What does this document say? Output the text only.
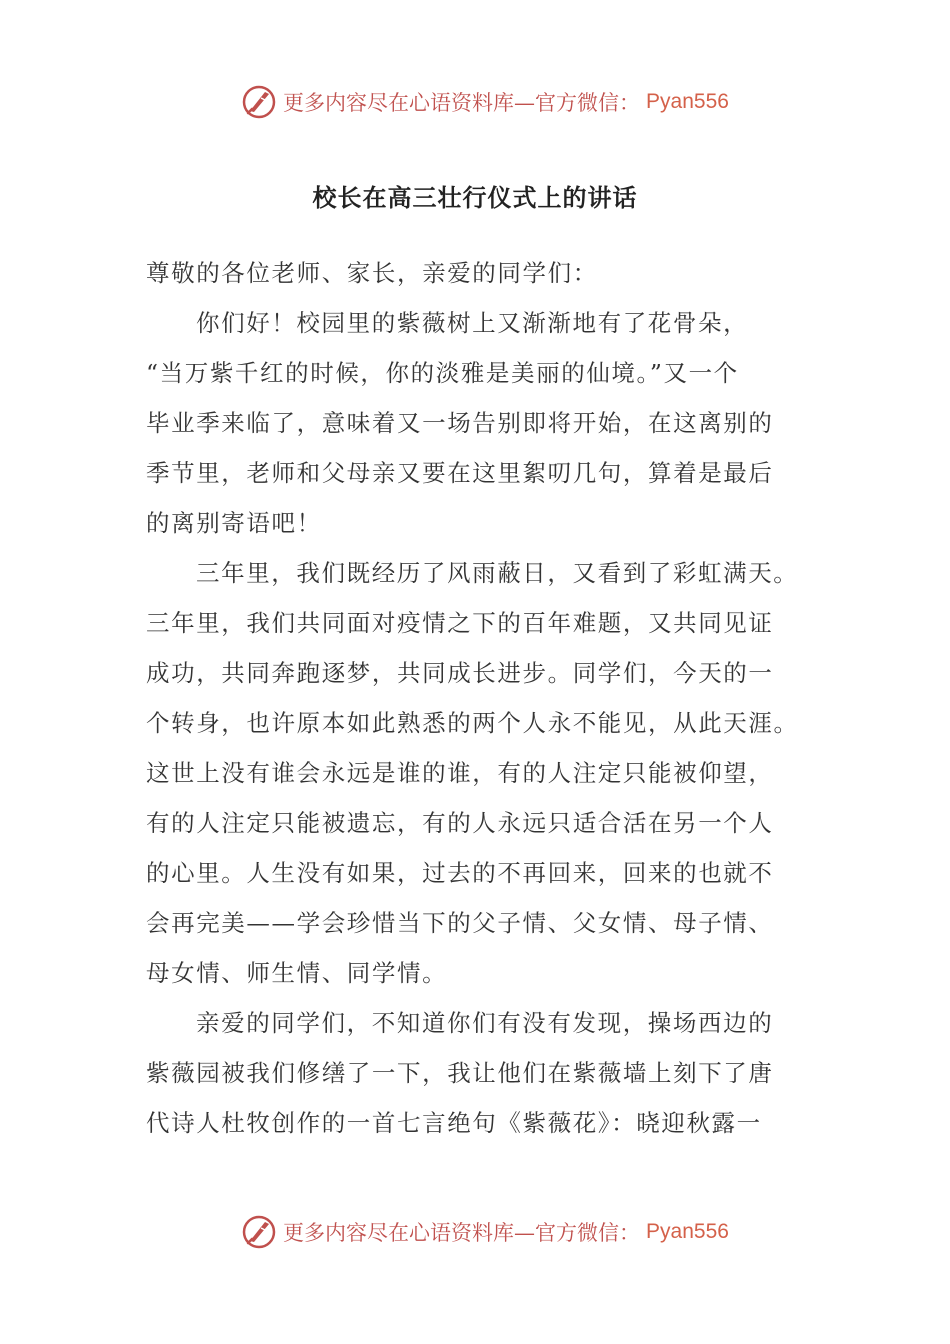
更多内容尽在心语资料库—官方微信： Pyan556
校长在高三壮行仪式上的讲话
尊敬的各位老师、家长，亲爱的同学们：
你们好！校园里的紫薇树上又渐渐地有了花骨朵，
“当万紫千红的时候，你的淡雅是美丽的仙境。”又一个
毕业季来临了，意味着又一场告别即将开始，在这离别的
季节里，老师和父母亲又要在这里絮叨几句，算着是最后
的离别寄语吧！
三年里，我们既经历了风雨蔽日，又看到了彩虹满天。
三年里，我们共同面对疫情之下的百年难题，又共同见证
成功，共同奔跑逐梦，共同成长进步。同学们，今天的一
个转身，也许原本如此熟悉的两个人永不能见，从此天涯。
这世上没有谁会永远是谁的谁，有的人注定只能被仰望，
有的人注定只能被遗忘，有的人永远只适合活在另一个人
的心里。人生没有如果，过去的不再回来，回来的也就不
会再完美——学会珍惜当下的父子情、父女情、母子情、
母女情、师生情、同学情。
亲爱的同学们，不知道你们有没有发现，操场西边的
紫薇园被我们修缮了一下，我让他们在紫薇墙上刻下了唐
代诗人杜牧创作的一首七言绝句《紫薇花》：晓迎秋露一
更多内容尽在心语资料库—官方微信： Pyan556
